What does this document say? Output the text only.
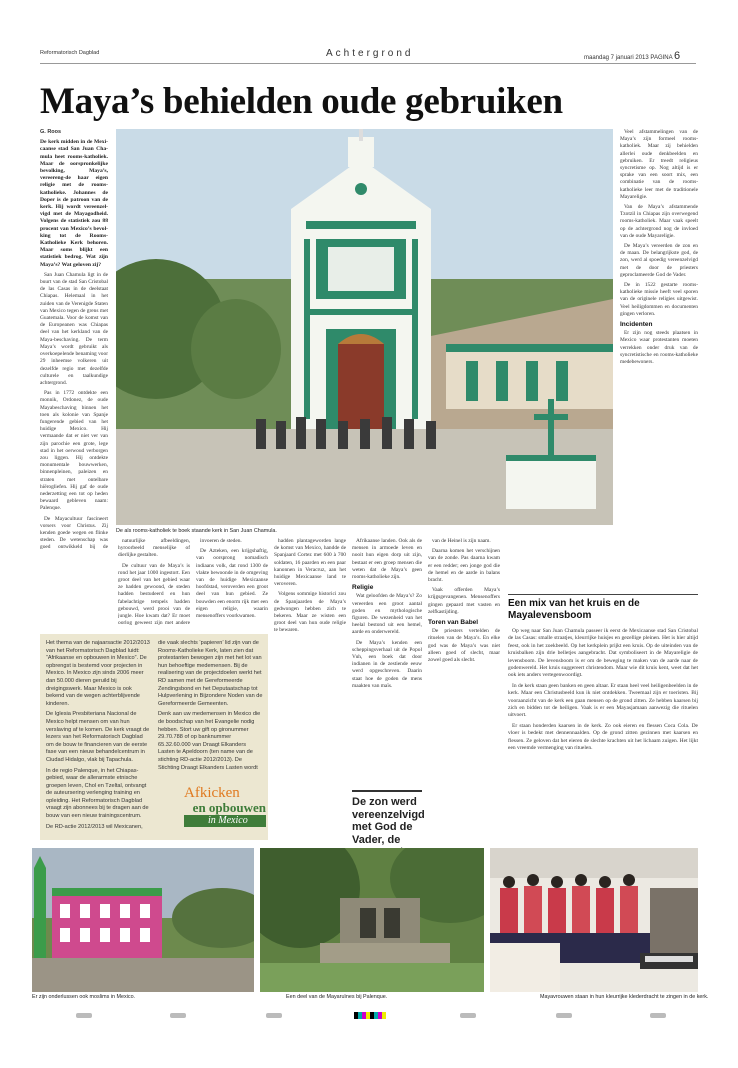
Reformatorisch Dagblad	Achtergrond	maandag 7 januari 2013 PAGINA 6
Maya’s behielden oude gebruiken

G. Roos

De kerk midden in de Mexi-caanse stad San Juan Cha-mula heet rooms-katholiek. Maar de oorspronkelijke bevolking, Maya’s, vereereng-de haar eigen religie met de rooms-katholieke. Johannes de Doper is de patroon van de kerk. Hij wordt vereenzel-vigd met de Mayagodheid. Volgens de statistiek zou 88 procent van Mexico’s bevol-king tot de Rooms-Katholieke Kerk behoren. Maar soms blijkt een statistiek bedrog. Wat zijn Maya’s? Wat geloven zij?

San Juan Chamula ligt in de buurt van de stad San Cristobal de las Casas in de deelstaat Chiapas. Helemaal in het zuiden van de Verenigde Staten van Mexico tegen de grens met Guatemala. Voor de komst van de Europeanen was Chiapas deel van het kerkland van de Maya-beschaving. De term Maya’s wordt gebruikt als overkoepelende benaming voor 29 inheemse volkeren uit dezelfde regio met dezelfde culturele en taalkundige achtergrond.

Pas in 1772 ontdekte een monnik, Ordonez, de oude Mayabeschaving binnen het toen als kolonie van Spanje fungerende gebied van het huidige Mexico. Hij vermaande dat er niet ver van zijn parochie een grote, lege stad in het oerwoud verborgen zou liggen. Hij ontdekte monumentale bouwwerken, binnenpleinen, paleizen en straten met ontelbare hiërogliefen. Hij gaf de oude nederzetting een tot op heden bewaard gebleven naam: Palenque.

De Mayacultuur fascineert vorsers voor Christus. Zij kenden goede wegen en flinke steden. De wetenschap was goed ontwikkeld bij de

De als rooms-katholiek te boek staande kerk in San Juan Chamula.

Veel afstammelingen van de Maya’s zijn formeel rooms-katholiek. Maar zij behielden allerlei oude denkbeelden en gebruiken. Er treedt religieus syncretisme op. Nog altijd is er sprake van een soort mix, een combinatie van de rooms-katholieke leer met de traditionele Mayareligie.

Van de Maya’s afstammende Tzotzil in Chiapas zijn overwegend rooms-katholiek. Maar vaak speelt op de achtergrond nog de invloed van de oude Mayareligie.

De Maya’s vereerden de zon en de maan. De belangrijkste god, de zon, werd al spoedig vereenzelvigd met de door de priesters geproclameerde God de Vader.

De in 1522 gestarte rooms-katholieke missie heeft veel sporen van de originele religies uitgewist. Veel heiligdommen en documenten gingen verloren.

Incidenten

Er zijn nog steeds plaatsen in Mexico waar protestanten moeten verrekken onder druk van de syncretistische en rooms-katholieke medebewoners.

natuurlijke afbeeldingen, hyroorbeeld menselijke of dierlijke gestalten.

De cultuur van de Maya’s is rond het jaar 1000 ingestort. Een groot deel van het gebied waar ze hadden gewoond, de steden hadden bestudeerd en hun fabelachtige tempels hadden gebouwd, werd prooi van de jungle. Hoe kwam dat? Er moet oorlog geweest zijn met andere

invoeren de steden.

De Azteken, een krijgshaftig, van oorsprong nomadisch indiaans volk, dat rond 1300 de vlakte bewoonde in de omgeving van de huidige Mexicaanse hoofdstad, veroverden een groot deel van hun gebied. Ze bouwden een enorm rijk met een eigen religie, waarin mensenoffers voorkwamen.

hadden plantageworden lange de komst van Mexico, handde de Spanjaard Cortez met 600 à 700 soldaten, 16 paarden en een paar kanonnen in Veracruz, aan het huidige Mexicaanse land te veroveren.

Volgens sommige historici zou de Spanjaarden de Maya’s gedwongen hebben zich te bekeren. Maar ze wisten een groot deel van hun oude religie te bewaren.

Afrikaanse landen. Ook als de mensen in armoede leven en nooit hun eigen dorp uit zijn, bestaat er een groep mensen die weten dat de Maya’s geen rooms-katholieke zijn.

Religie

Wat geloofden de Maya’s? Zo vereerden een groot aantal goden en mythologische figuren. De wezenheid van het heelal bestond uit een hemel, aarde en onderwereld.

De Maya’s kenden een scheppingsverhaal uit de Popol Vuh, een boek dat door indianen in de zestiende eeuw werd opgeschreven. Daarin staat hoe de goden de mens maakten van maïs.

van de Heinel is zijn naam.

Daarna komen het verschijnen van de zonde. Pas daarna kwam er een redder; een jonge god die de hemel en de aarde in balans bracht.

Vaak offerden Maya’s krijgsgevangenen. Mensenoffers gingen gepaard met vasten en zelfkastijding.

Toren van Babel

De priesters vertelden de rituelen van de Maya’s. En elke god was de Maya’s was niet alleen goed of slecht, maar zowel goed als slecht.

De zon werd vereenzelvigd met God de Vader, de

Het thema van de najaarsactie 2012/2013 van het Reformatorisch Dagblad luidt: “Afrikaanse en opbouwen in Mexico”. De opbrengst is bestemd voor projecten in Mexico. In Mexico zijn sinds 2006 meer dan 50.000 dieren geruild bij dreigingswerk. Maar Mexico is ook bekend van de wegen achterblijvende kinderen.

De Iglesia Presbiteriana Nacional de Mexico helpt mensen om van hun verslaving af te komen. De kerk vraagt de lezers van het Reformatorisch Dagblad om de bouw te financieren van de eerste fase van een nieuw behandelcentrum in Ciudad Hidalgo, vlak bij Tapachula.

In de regio Palenque, in het Chiapas-gebied, waar de allerarmste etnische groepen leven, Chol en Tzeltal, ontvangt de auteursering verlenging training en opleiding. Het Reformatorisch Dagblad vraagt zijn abonnees bij te dragen aan de bouw van een nieuw trainingscentrum.

De RD-actie 2012/2013 wil Mexicanen,

die vaak slechts ‘papieren’ lid zijn van de Rooms-Katholieke Kerk, laten zien dat protestanten bewogen zijn met het lot van hun behoeftige medemensen. Bij de realisering van de projectdoelen werkt het RD samen met de Gereformeerde Zendingsbond en het Deputaatschap tot Hulpverlening in Bijzondere Noden van de Gereformeerde Gemeenten.

Denk aan uw medemensen in Mexico die de boodschap van het Evangelie nodig hebben. Stort uw gift op gironummer 29.70.788 of op banknummer 65.32.60.000 van Draagt Elkanders Lasten te Apeldoorn (ten name van de stichting RD-actie 2012/2013). De Stichting Draagt Elkanders Lasten wordt

Afkicken
en opbouwen
in Mexico
Een mix van het kruis en de Mayalevensboom

Op weg naar San Juan Chamula passeer ik eerst de Mexicaanse stad San Cristobal de las Casas: smalle straatjes, kleurrijke huisjes en gezellige pleinen. Het is hier altijd feest, ook in het zoekbeeld. Op het kerkplein prijkt een kruis. Op de uiteinden van de kruisbalken zijn drie belletjes aangebracht. Dat symboliseert in de Mayareligie de levensboom. De levensboom is er om de beweging te maken van de aarde naar de godenwereld. Het kruis suggereert christendom. Maar wie dit kruis kent, weet dat het ook iets anders vertegenwoordigt.

In de kerk staan geen banken en geen altaar. Er staan heel veel heiligenbeelden in de kerk. Maar een Christusbeeld kun ik niet ontdekken. Tweemaal zijn er toeristen. Bij vooraanzicht van de kerk een gaan mensen op de grond zitten. Ze hebben kaarsen bij zich en bidden tot de heiligen. Vaak is er een Mayasjamaan aanwezig die rituelen uitvoert.

Er staan honderden kaarsen in de kerk. Zo ook eieren en flessen Coca Cola. De vloer is bedekt met dennennaalden. Op de grond zitten gezinnen met kaarsen en flessen. Ze geloven dat het eieren de slechte krachten uit het lichaam zuigen. Het lijkt een vreemde vermenging van rituelen.

Er zijn onderlussen ook moslims in Mexico.	Een deel van de Mayaruïnes bij Palenque.	Mayavrouwen staan in hun kleurrijke klederdracht te zingen in de kerk.
